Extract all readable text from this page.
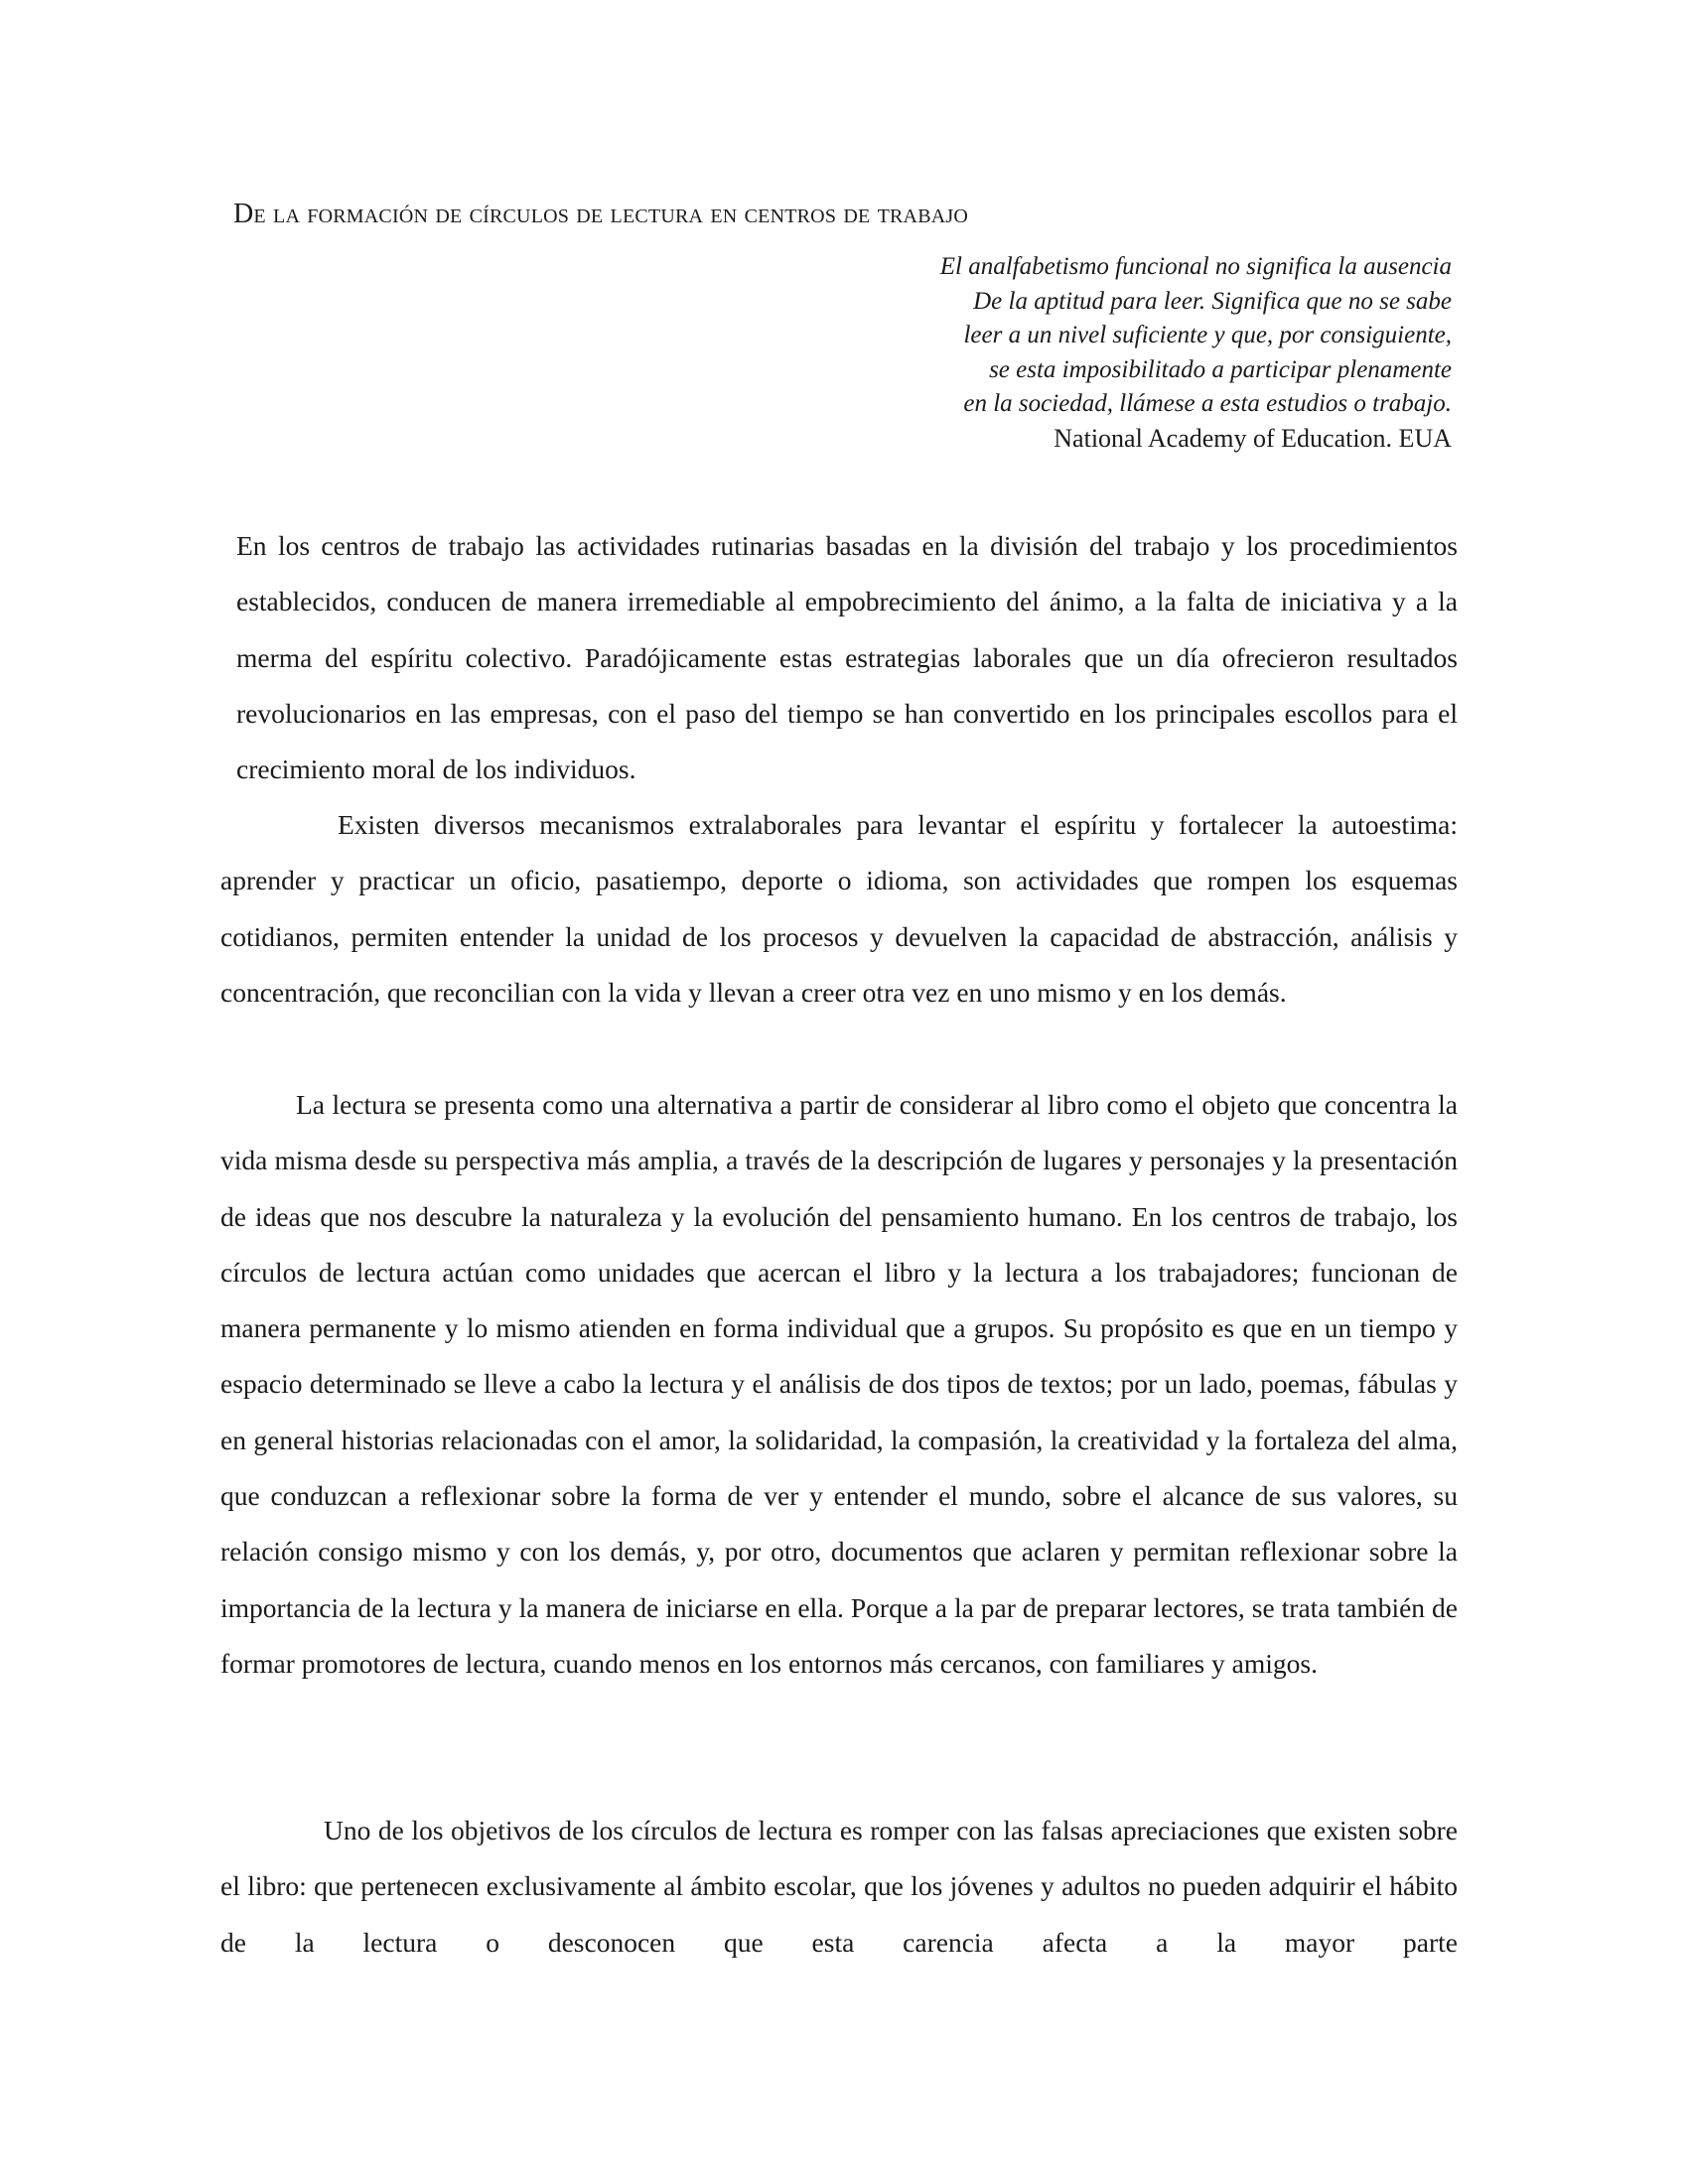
De la formación de círculos de lectura en centros de trabajo
El analfabetismo funcional no significa la ausencia
De la aptitud para leer. Significa que no se sabe
leer a un nivel suficiente y que, por consiguiente,
se esta imposibilitado a participar plenamente
en la sociedad, llámese a esta estudios o trabajo.
National Academy of Education. EUA

En los centros de trabajo las actividades rutinarias basadas en la división del trabajo y los procedimientos establecidos, conducen de manera irremediable al empobrecimiento del ánimo, a la falta de iniciativa y a la merma del espíritu colectivo. Paradójicamente estas estrategias laborales que un día ofrecieron resultados revolucionarios en las empresas, con el paso del tiempo se han convertido en los principales escollos para el crecimiento moral de los individuos.

Existen diversos mecanismos extralaborales para levantar el espíritu y fortalecer la autoestima: aprender y practicar un oficio, pasatiempo, deporte o idioma, son actividades que rompen los esquemas cotidianos, permiten entender la unidad de los procesos y devuelven la capacidad de abstracción, análisis y concentración, que reconcilian con la vida y llevan a creer otra vez en uno mismo y en los demás.

La lectura se presenta como una alternativa a partir de considerar al libro como el objeto que concentra la vida misma desde su perspectiva más amplia, a través de la descripción de lugares y personajes y la presentación de ideas que nos descubre la naturaleza y la evolución del pensamiento humano. En los centros de trabajo, los círculos de lectura actúan como unidades que acercan el libro y la lectura a los trabajadores; funcionan de manera permanente y lo mismo atienden en forma individual que a grupos. Su propósito es que en un tiempo y espacio determinado se lleve a cabo la lectura y el análisis de dos tipos de textos; por un lado, poemas, fábulas y en general historias relacionadas con el amor, la solidaridad, la compasión, la creatividad y la fortaleza del alma, que conduzcan a reflexionar sobre la forma de ver y entender el mundo, sobre el alcance de sus valores, su relación consigo mismo y con los demás, y, por otro, documentos que aclaren y permitan reflexionar sobre la importancia de la lectura y la manera de iniciarse en ella. Porque a la par de preparar lectores, se trata también de formar promotores de lectura, cuando menos en los entornos más cercanos, con familiares y amigos.

Uno de los objetivos de los círculos de lectura es romper con las falsas apreciaciones que existen sobre el libro: que pertenecen exclusivamente al ámbito escolar, que los jóvenes y adultos no pueden adquirir el hábito de la lectura o desconocen que esta carencia afecta a la mayor parte
